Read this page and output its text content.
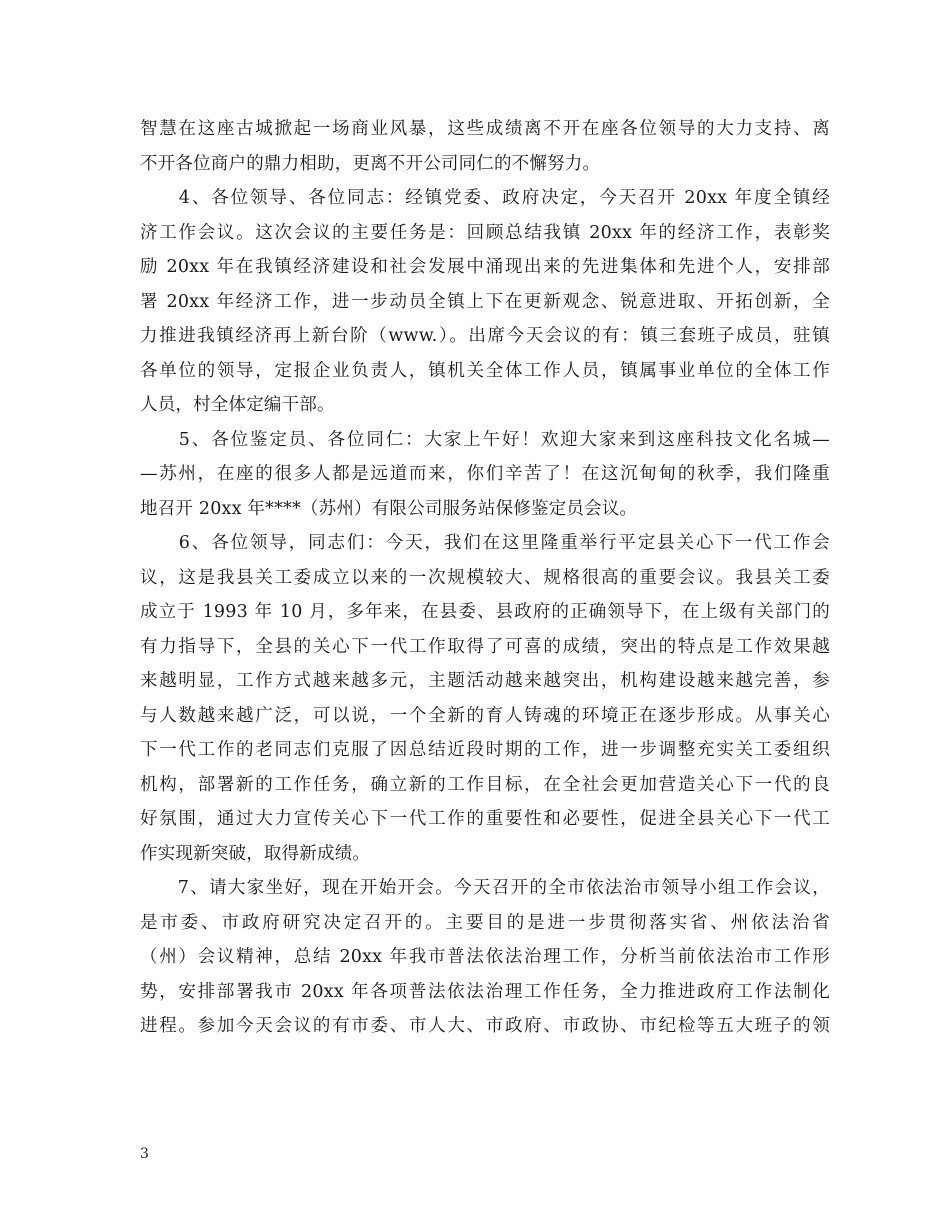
智慧在这座古城掀起一场商业风暴，这些成绩离不开在座各位领导的大力支持、离
不开各位商户的鼎力相助，更离不开公司同仁的不懈努力。
　　4、各位领导、各位同志：经镇党委、政府决定，今天召开 20xx 年度全镇经
济工作会议。这次会议的主要任务是：回顾总结我镇 20xx 年的经济工作，表彰奖
励 20xx 年在我镇经济建设和社会发展中涌现出来的先进集体和先进个人，安排部
署 20xx 年经济工作，进一步动员全镇上下在更新观念、锐意进取、开拓创新，全
力推进我镇经济再上新台阶（www.）。出席今天会议的有：镇三套班子成员，驻镇
各单位的领导，定报企业负责人，镇机关全体工作人员，镇属事业单位的全体工作
人员，村全体定编干部。
　　5、各位鉴定员、各位同仁：大家上午好！欢迎大家来到这座科技文化名城—
—苏州，在座的很多人都是远道而来，你们辛苦了！在这沉甸甸的秋季，我们隆重
地召开 20xx 年****（苏州）有限公司服务站保修鉴定员会议。
　　6、各位领导，同志们：今天，我们在这里隆重举行平定县关心下一代工作会
议，这是我县关工委成立以来的一次规模较大、规格很高的重要会议。我县关工委
成立于 1993 年 10 月，多年来，在县委、县政府的正确领导下，在上级有关部门的
有力指导下，全县的关心下一代工作取得了可喜的成绩，突出的特点是工作效果越
来越明显，工作方式越来越多元，主题活动越来越突出，机构建设越来越完善，参
与人数越来越广泛，可以说，一个全新的育人铸魂的环境正在逐步形成。从事关心
下一代工作的老同志们克服了因总结近段时期的工作，进一步调整充实关工委组织
机构，部署新的工作任务，确立新的工作目标，在全社会更加营造关心下一代的良
好氛围，通过大力宣传关心下一代工作的重要性和必要性，促进全县关心下一代工
作实现新突破，取得新成绩。
　　7、请大家坐好，现在开始开会。今天召开的全市依法治市领导小组工作会议，
是市委、市政府研究决定召开的。主要目的是进一步贯彻落实省、州依法治省
（州）会议精神，总结 20xx 年我市普法依法治理工作，分析当前依法治市工作形
势，安排部署我市 20xx 年各项普法依法治理工作任务，全力推进政府工作法制化
进程。参加今天会议的有市委、市人大、市政府、市政协、市纪检等五大班子的领
3
